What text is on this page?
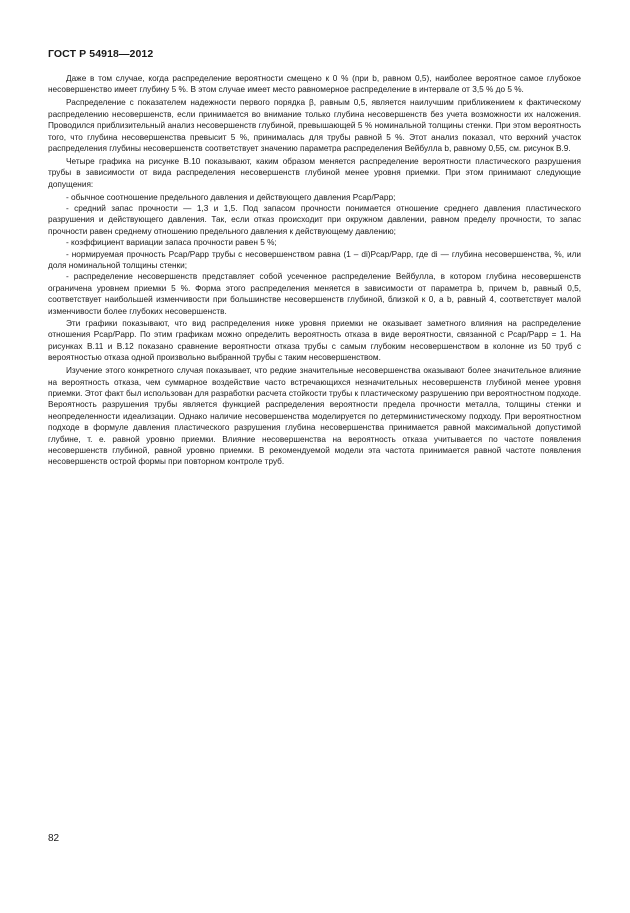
ГОСТ Р 54918—2012

Даже в том случае, когда распределение вероятности смещено к 0 % (при b, равном 0,5), наиболее вероятное самое глубокое несовершенство имеет глубину 5 %. В этом случае имеет место равномерное распределение в интервале от 3,5 % до 5 %.

Распределение с показателем надежности первого порядка β, равным 0,5, является наилучшим приближением к фактическому распределению несовершенств, если принимается во внимание только глубина несовершенств без учета возможности их наложения. Проводился приблизительный анализ несовершенств глубиной, превышающей 5 % номинальной толщины стенки. При этом вероятность того, что глубина несовершенства превысит 5 %, принималась для трубы равной 5 %. Этот анализ показал, что верхний участок распределения глубины несовершенств соответствует значению параметра распределения Вейбулла b, равному 0,55, см. рисунок В.9.

Четыре графика на рисунке В.10 показывают, каким образом меняется распределение вероятности пластического разрушения трубы в зависимости от вида распределения несовершенств глубиной менее уровня приемки. При этом принимают следующие допущения:

- обычное соотношение предельного давления и действующего давления Pcap/Papp;

- средний запас прочности — 1,3 и 1,5. Под запасом прочности понимается отношение среднего давления пластического разрушения и действующего давления. Так, если отказ происходит при окружном давлении, равном пределу прочности, то запас прочности равен среднему отношению предельного давления к действующему давлению;

- коэффициент вариации запаса прочности равен 5 %;

- нормируемая прочность Pcap/Papp трубы с несовершенством равна (1 – di)Pcap/Papp, где di — глубина несовершенства, %, или доля номинальной толщины стенки;

- распределение несовершенств представляет собой усеченное распределение Вейбулла, в котором глубина несовершенств ограничена уровнем приемки 5 %. Форма этого распределения меняется в зависимости от параметра b, причем b, равный 0,5, соответствует наибольшей изменчивости при большинстве несовершенств глубиной, близкой к 0, а b, равный 4, соответствует малой изменчивости более глубоких несовершенств.

Эти графики показывают, что вид распределения ниже уровня приемки не оказывает заметного влияния на распределение отношения Pcap/Papp. По этим графикам можно определить вероятность отказа в виде вероятности, связанной с Pcap/Papp = 1. На рисунках В.11 и В.12 показано сравнение вероятности отказа трубы с самым глубоким несовершенством в колонне из 50 труб с вероятностью отказа одной произвольно выбранной трубы с таким несовершенством.

Изучение этого конкретного случая показывает, что редкие значительные несовершенства оказывают более значительное влияние на вероятность отказа, чем суммарное воздействие часто встречающихся незначительных несовершенств глубиной менее уровня приемки. Этот факт был использован для разработки расчета стойкости трубы к пластическому разрушению при вероятностном подходе. Вероятность разрушения трубы является функцией распределения вероятности предела прочности металла, толщины стенки и неопределенности идеализации. Однако наличие несовершенства моделируется по детерминистическому подходу. При вероятностном подходе в формуле давления пластического разрушения глубина несовершенства принимается равной максимальной допустимой глубине, т. е. равной уровню приемки. Влияние несовершенства на вероятность отказа учитывается по частоте появления несовершенств глубиной, равной уровню приемки. В рекомендуемой модели эта частота принимается равной частоте появления несовершенств острой формы при повторном контроле труб.

82
